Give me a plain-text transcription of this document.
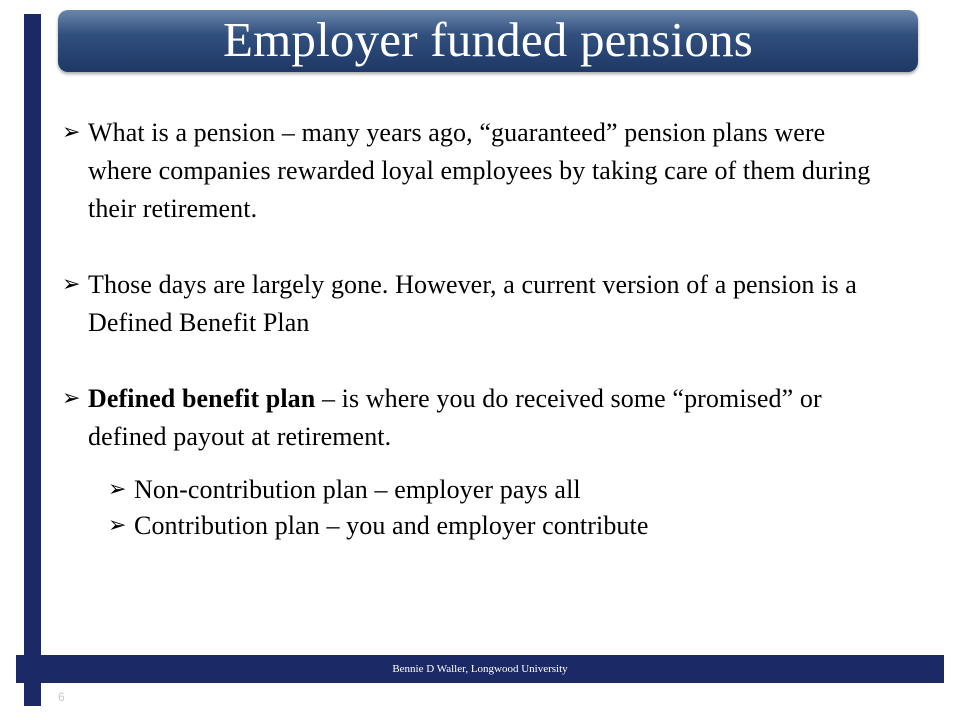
Employer funded pensions
➢ What is a pension – many years ago, “guaranteed” pension plans were where companies rewarded loyal employees by taking care of them during their retirement.
➢ Those days are largely gone. However, a current version of a pension is a Defined Benefit Plan
➢ Defined benefit plan – is where you do received some “promised” or defined payout at retirement.
➢ Non-contribution plan – employer pays all
➢ Contribution plan – you and employer contribute
Bennie D Waller, Longwood University
6
